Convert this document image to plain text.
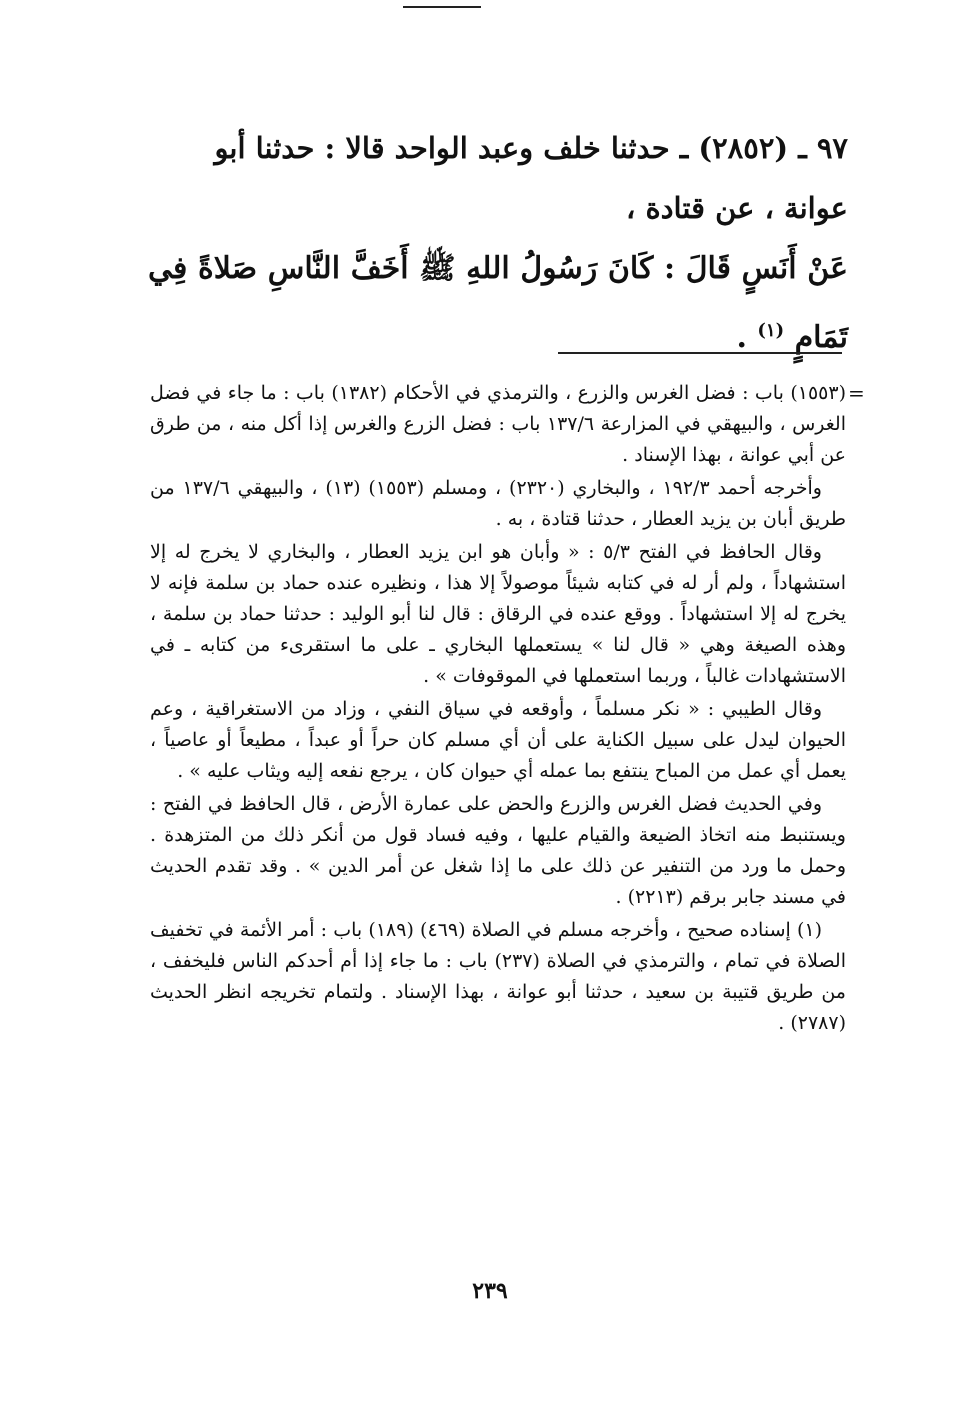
٩٧ ـ (٢٨٥٢) ـ حدثنا خلف وعبد الواحد قالا : حدثنا أبو

عوانة ، عن قتادة ،

عَنْ أَنَسٍ قَالَ : كَانَ رَسُولُ اللهِ ﷺ أَخَفَّ النَّاسِ صَلاةً فِي تَمَامٍ $^{(١)}$ .

=

(١٥٥٣) باب : فضل الغرس والزرع ، والترمذي في الأحكام (١٣٨٢) باب : ما جاء في فضل الغرس ، والبيهقي في المزارعة ١٣٧/٦ باب : فضل الزرع والغرس إذا أكل منه ، من طرق عن أبي عوانة ، بهذا الإسناد .

وأخرجه أحمد ١٩٢/٣ ، والبخاري (٢٣٢٠) ، ومسلم (١٥٥٣) (١٣) ، والبيهقي ١٣٧/٦ من طريق أبان بن يزيد العطار ، حدثنا قتادة ، به .

وقال الحافظ في الفتح ٥/٣ : « وأبان هو ابن يزيد العطار ، والبخاري لا يخرج له إلا استشهاداً ، ولم أر له في كتابه شيئاً موصولاً إلا هذا ، ونظيره عنده حماد بن سلمة فإنه لا يخرج له إلا استشهاداً . ووقع عنده في الرقاق : قال لنا أبو الوليد : حدثنا حماد بن سلمة ، وهذه الصيغة وهي « قال لنا » يستعملها البخاري ـ على ما استقرىء من كتابه ـ في الاستشهادات غالباً ، وربما استعملها في الموقوفات » .

وقال الطيبي : « نكر مسلماً ، وأوقعه في سياق النفي ، وزاد من الاستغراقية ، وعم الحيوان ليدل على سبيل الكناية على أن أي مسلم كان حراً أو عبداً ، مطيعاً أو عاصياً ، يعمل أي عمل من المباح ينتفع بما عمله أي حيوان كان ، يرجع نفعه إليه ويثاب عليه » .

وفي الحديث فضل الغرس والزرع والحض على عمارة الأرض ، قال الحافظ في الفتح : ويستنبط منه اتخاذ الضيعة والقيام عليها ، وفيه فساد قول من أنكر ذلك من المتزهدة . وحمل ما ورد من التنفير عن ذلك على ما إذا شغل عن أمر الدين » . وقد تقدم الحديث في مسند جابر برقم (٢٢١٣) .

(١) إسناده صحيح ، وأخرجه مسلم في الصلاة (٤٦٩) (١٨٩) باب : أمر الأئمة في تخفيف الصلاة في تمام ، والترمذي في الصلاة (٢٣٧) باب : ما جاء إذا أم أحدكم الناس فليخفف ، من طريق قتيبة بن سعيد ، حدثنا أبو عوانة ، بهذا الإسناد . ولتمام تخريجه انظر الحديث (٢٧٨٧) .

٢٣٩
